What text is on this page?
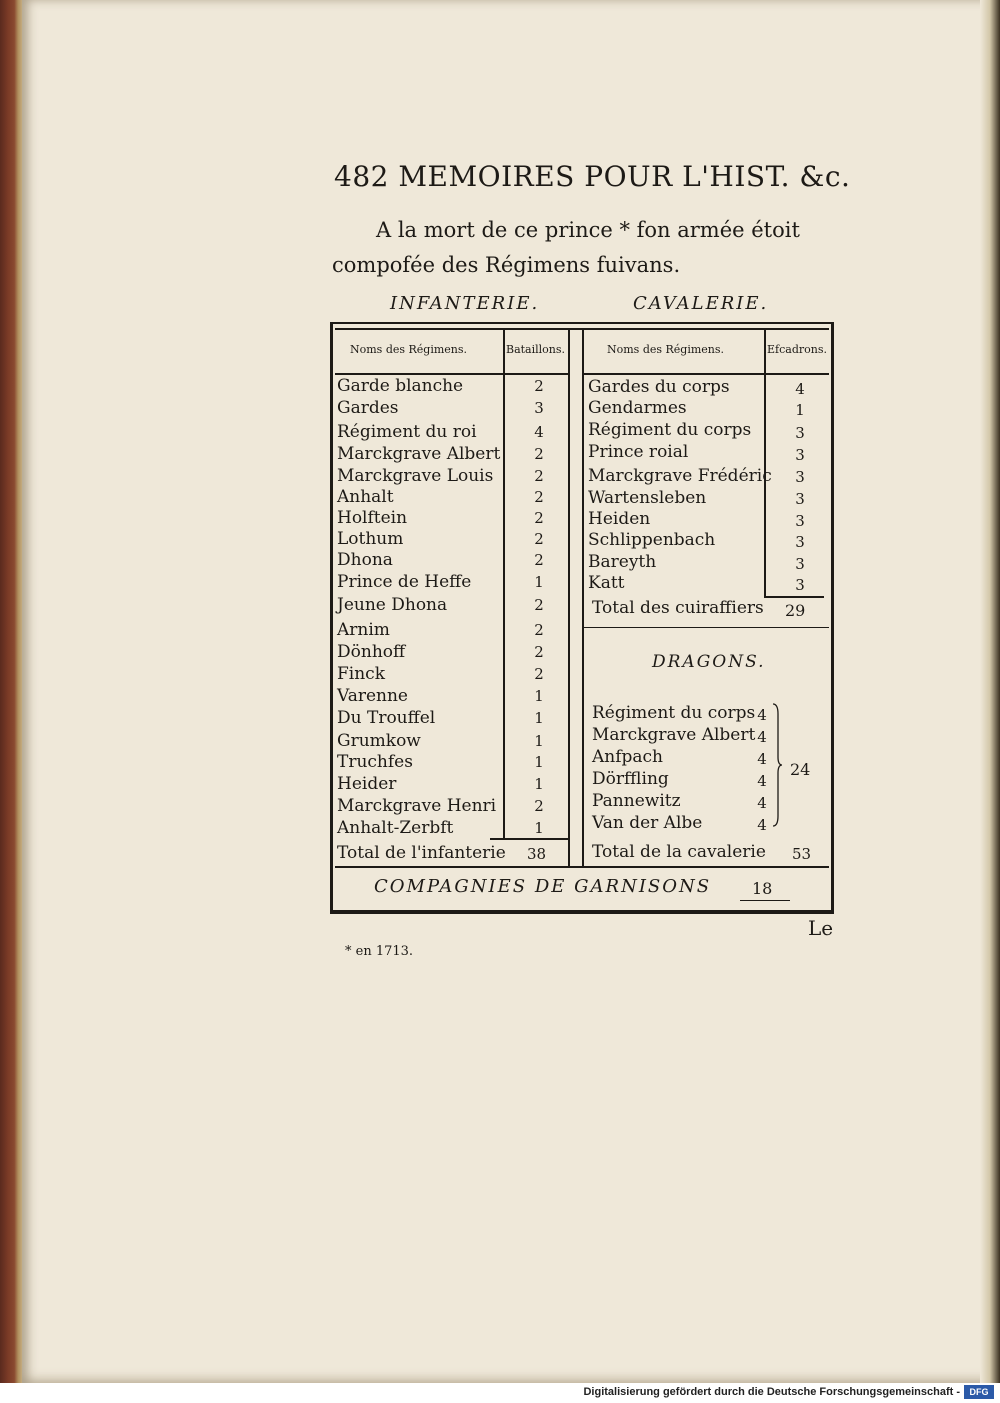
482 MEMOIRES POUR L'HIST. &c.
A la mort de ce prince * fon armée étoit
compofée des Régimens fuivans.
INFANTERIE.	CAVALERIE.
Noms des Régimens.	Bataillons.	Noms des Régimens.	Efcadrons.
Garde blanche	2
Gardes	3
Régiment du roi	4
Marckgrave Albert	2
Marckgrave Louis	2
Anhalt	2
Holftein	2
Lothum	2
Dhona	2
Prince de Heffe	1
Jeune Dhona	2
Arnim	2
Dönhoff	2
Finck	2
Varenne	1
Du Trouffel	1
Grumkow	1
Truchfes	1
Heider	1
Marckgrave Henri	2
Anhalt-Zerbft	1
Total de l'infanterie 38
Gardes du corps	4
Gendarmes	1
Régiment du corps	3
Prince roial	3
Marckgrave Frédéric	3
Wartensleben	3
Heiden	3
Schlippenbach	3
Bareyth	3
Katt	3
Total des cuiraffiers 29
DRAGONS.
Régiment du corps 4
Marckgrave Albert 4
Anfpach	4
Dörffling	4
Pannewitz	4
Van der Albe	4
24
Total de la cavalerie 53
COMPAGNIES DE GARNISONS	18
Le
* en 1713.
Digitalisierung gefördert durch die Deutsche Forschungsgemeinschaft -	DFG
